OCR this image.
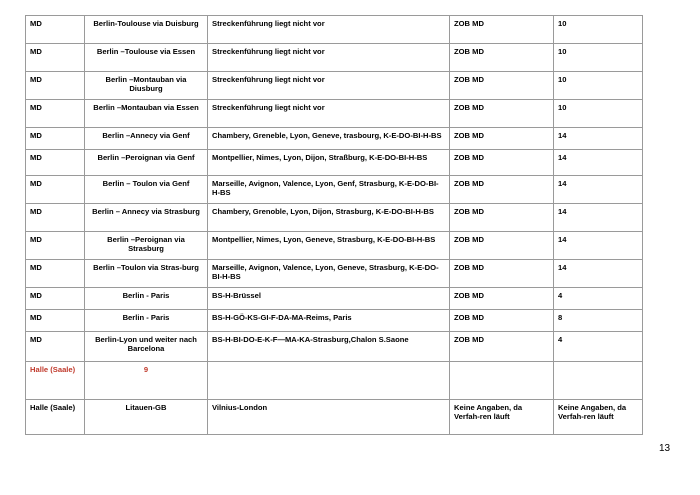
MD	Berlin-Toulouse via Duisburg	Streckenführung liegt nicht vor	ZOB MD	10
MD	Berlin –Toulouse via Essen	Streckenführung liegt nicht vor	ZOB MD	10
MD	Berlin –Montauban via Diusburg	Streckenführung liegt nicht vor	ZOB MD	10
MD	Berlin –Montauban via Essen	Streckenführung liegt nicht vor	ZOB MD	10
MD	Berlin –Annecy via Genf	Chambery, Greneble, Lyon, Geneve, trasbourg, K-E-DO-BI-H-BS	ZOB MD	14
MD	Berlin –Peroignan via Genf	Montpellier, Nimes, Lyon, Dijon, Straßburg, K-E-DO-BI-H-BS	ZOB MD	14
MD	Berlin – Toulon via Genf	Marseille, Avignon, Valence, Lyon, Genf, Strasburg, K-E-DO-BI-H-BS	ZOB MD	14
MD	Berlin – Annecy via Strasburg	Chambery, Grenoble, Lyon, Dijon, Strasburg, K-E-DO-BI-H-BS	ZOB MD	14
MD	Berlin –Peroignan via Strasburg	Montpellier, Nimes, Lyon, Geneve, Strasburg, K-E-DO-BI-H-BS	ZOB MD	14
MD	Berlin –Toulon via Stras-burg	Marseille, Avignon, Valence, Lyon, Geneve, Strasburg, K-E-DO-BI-H-BS	ZOB MD	14
MD	Berlin - Paris	BS-H-Brüssel	ZOB MD	4
MD	Berlin - Paris	BS-H-GÖ-KS-GI-F-DA-MA-Reims, Paris	ZOB MD	8
MD	Berlin-Lyon und weiter nach Barcelona	BS-H-BI-DO-E-K-F—MA-KA-Strasburg,Chalon S.Saone	ZOB MD	4
Halle (Saale)	9			
Halle (Saale)	Litauen-GB	Vilnius-London	Keine Angaben, da Verfah-ren läuft	Keine Angaben, da Verfah-ren läuft
13
